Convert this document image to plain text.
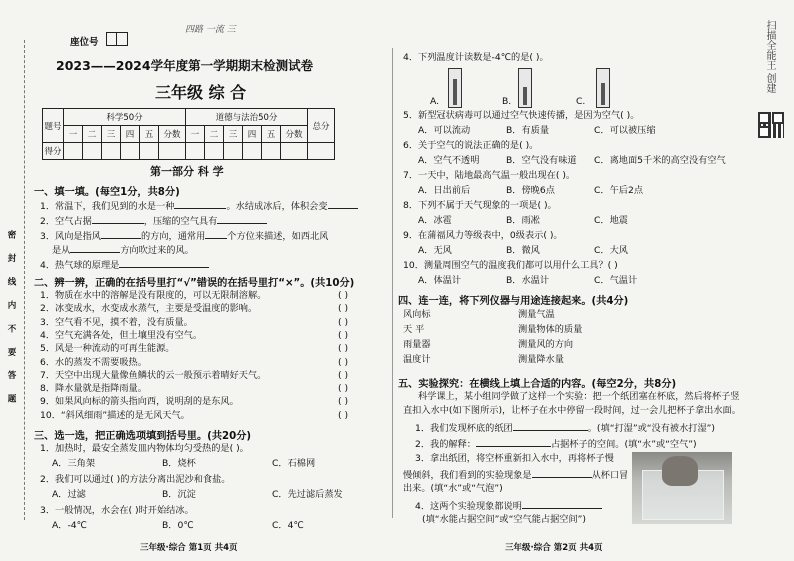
密 封 线 内 不 要 答 题
座位号
四路 一流 三
2023——2024学年度第一学期期末检测试卷
三年级 综 合
题号	科学50分						道德与法治50分						总分
	一	二	三	四	五	分数	一	二	三	四	五	分数	
得分													
第一部分 科 学
一、填一填。(每空1分，共8分)
1．常温下，我们见到的水是一种	。水结成冰后，体积会变
2．空气占据	，压缩的空气具有
3．风向是指风	的方向，通常用 个方位来描述，如西北风
是从	方向吹过来的风。
4．热气球的原理是
二、辨一辨，正确的在括号里打“√”错误的在括号里打“×”。(共10分)
1．物质在水中的溶解是没有限度的，可以无限制溶解。	( )
2．冰变成水，水变成水蒸气，主要是受温度的影响。	( )
3．空气看不见，摸不着，没有质量。	( )
4．空气充满各处，但土壤里没有空气。	( )
5．风是一种流动的可再生能源。	( )
6．水的蒸发不需要吸热。	( )
7．天空中出现大量像鱼鳞状的云一般预示着晴好天气。	( )
8．降水量就是指降雨量。	( )
9．如果风向标的箭头指向西，说明刮的是东风。	( )
10．“斜风细雨”描述的是无风天气。	( )
三、选一选，把正确选项填到括号里。(共20分)
1．加热时，最安全蒸发皿内物体均匀受热的是( )。
A．三角架	B．烧杯	C．石棉网
2．我们可以通过( )的方法分离出泥沙和食盐。
A．过滤	B．沉淀	C．先过滤后蒸发
3．一般情况，水会在( )时开始结冰。
A．-4℃	B．0℃	C．4℃
三年级·综合 第1页 共4页
4．下列温度计读数是-4℃的是( )。
A.	B.	C.
5．新型冠状病毒可以通过空气快速传播，是因为空气( )。
A．可以流动	B．有质量	C．可以被压缩
6．关于空气的说法正确的是( )。
A．空气不透明	B．空气没有味道 C．离地面5千米的高空没有空气
7．一天中，陆地最高气温一般出现在( )。
A．日出前后	B．傍晚6点	C．午后2点
8．下列不属于天气现象的一项是( )。
A．冰雹	B．雨凇	C．地震
9．在蒲福风力等级表中，0级表示( )。
A．无风	B．微风	C．大风
10．测量周围空气的温度我们都可以用什么工具？( )
A．体温计	B．水温计	C．气温计
四、连一连，将下列仪器与用途连接起来。(共4分)
风向标	测量气温
天 平	测量物体的质量
雨量器	测量风的方向
温度计	测量降水量
五、实验探究：在横线上填上合适的内容。(每空2分，共8分)
科学课上，某小组同学做了这样一个实验：把一个纸团塞在杯底，然后将杯子竖
直扣入水中(如下图所示)，让杯子在水中停留一段时间，过一会儿把杯子拿出水面。
1．我们发现杯底的纸团	。(填“打湿”或“没有被水打湿”)
2．我的解释：	占据杯子的空间。(填“水”或“空气”)
3．拿出纸团，将空杯重新扣入水中，再将杯子慢
慢倾斜，我们看到的实验现象是	从杯口冒
出来。(填“水”或“气泡”)
4．这两个实验现象都说明
(填“水能占据空间”或“空气能占据空间”)
三年级·综合 第2页 共4页
扫描全能王 创建
